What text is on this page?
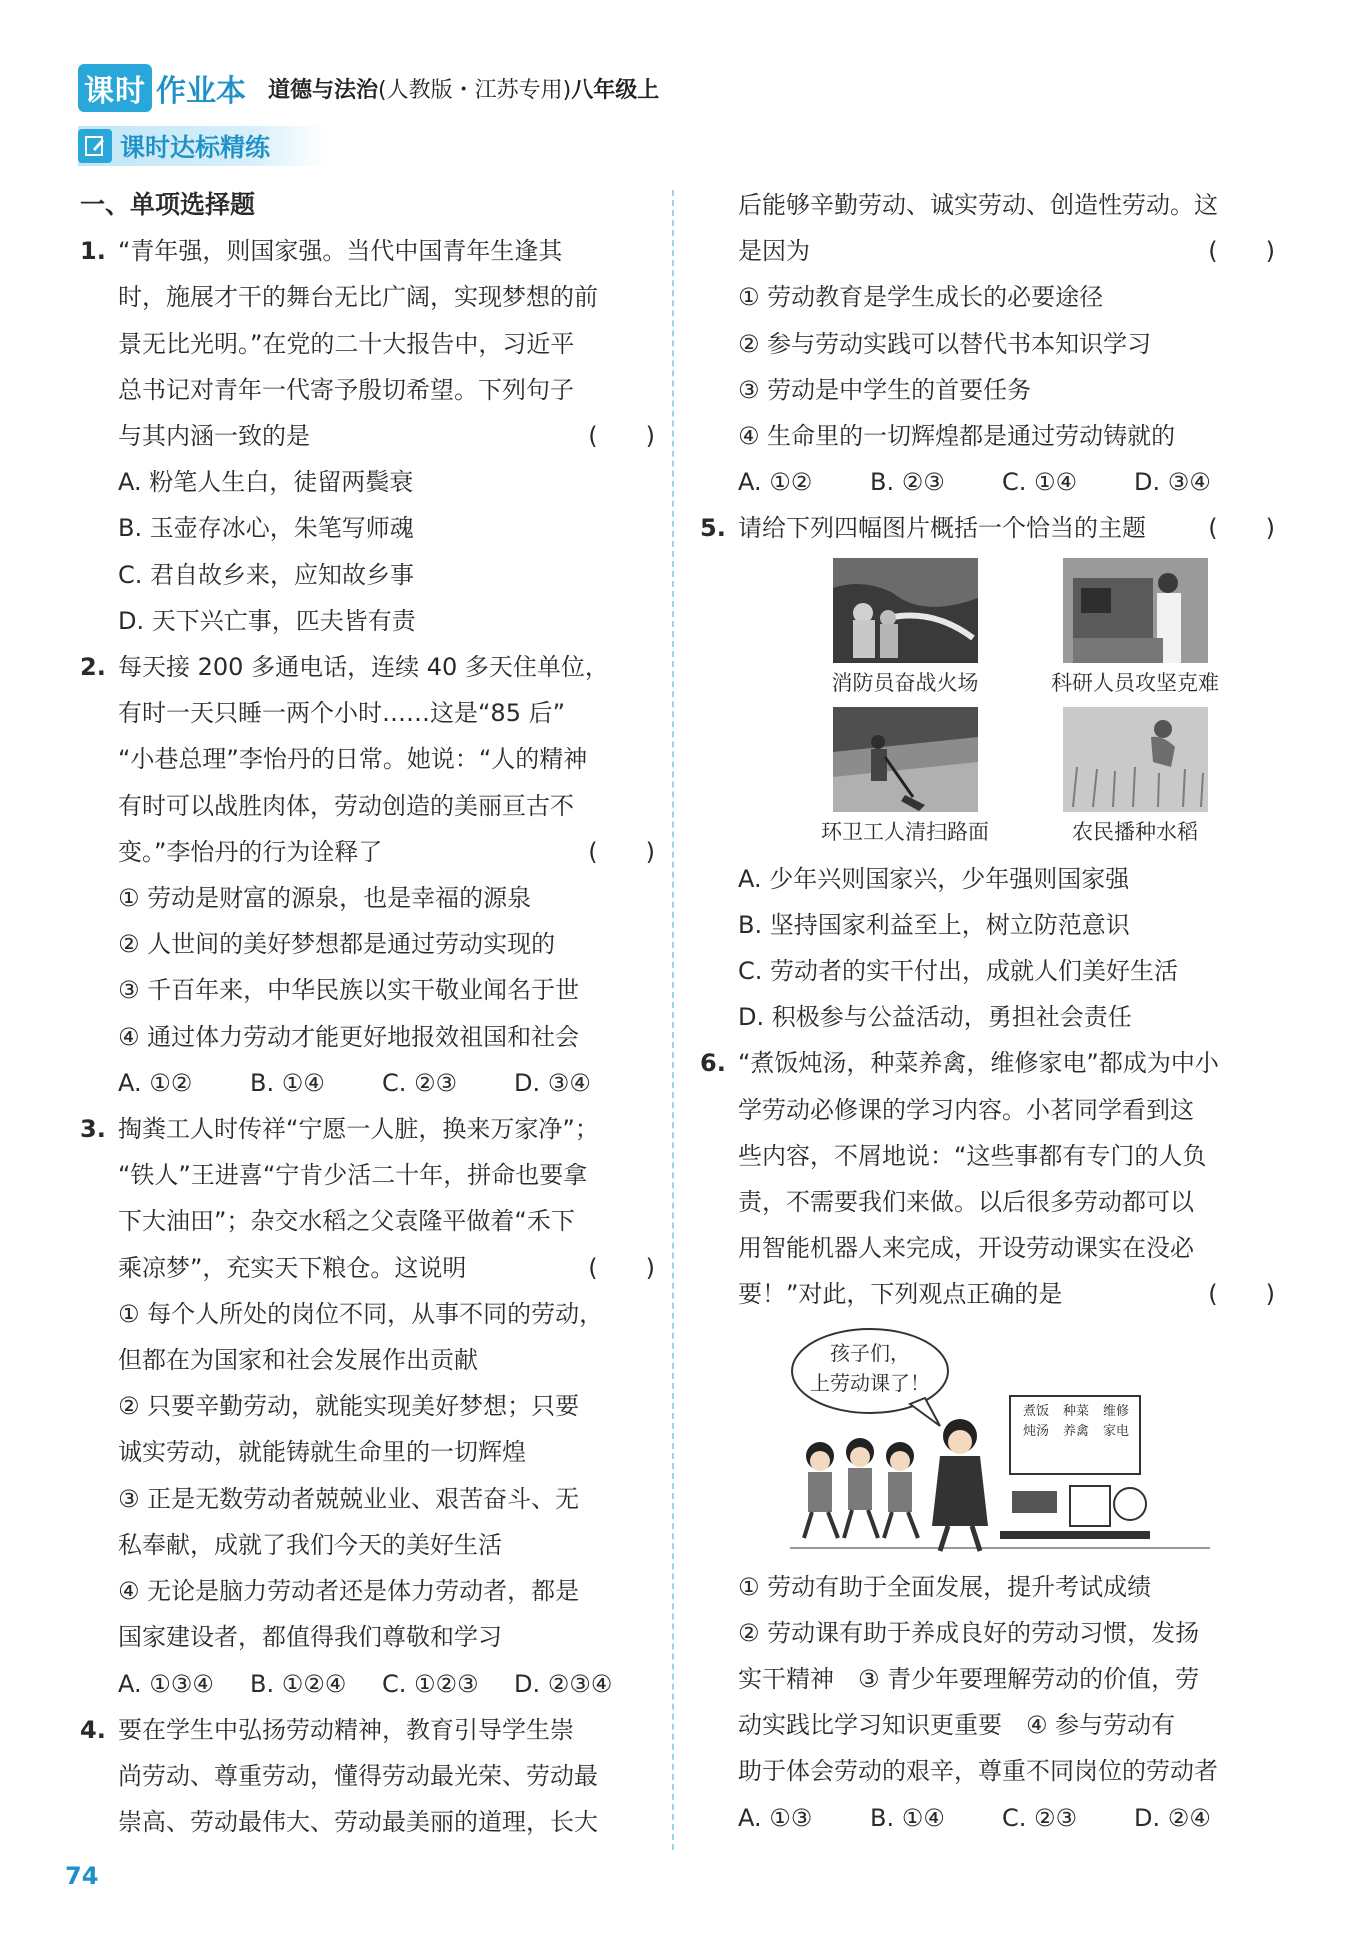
课时 作业本 道德与法治(人教版・江苏专用)八年级上
课时达标精练
一、单项选择题
1. “青年强，则国家强。当代中国青年生逢其
时，施展才干的舞台无比广阔，实现梦想的前
景无比光明。”在党的二十大报告中，习近平
总书记对青年一代寄予殷切希望。下列句子
与其内涵一致的是	(　　)
A. 粉笔人生白，徒留两鬓衰
B. 玉壶存冰心，朱笔写师魂
C. 君自故乡来，应知故乡事
D. 天下兴亡事，匹夫皆有责
2. 每天接 200 多通电话，连续 40 多天住单位，
有时一天只睡一两个小时……这是“85 后”
“小巷总理”李怡丹的日常。她说：“人的精神
有时可以战胜肉体，劳动创造的美丽亘古不
变。”李怡丹的行为诠释了	(　　)
① 劳动是财富的源泉，也是幸福的源泉
② 人世间的美好梦想都是通过劳动实现的
③ 千百年来，中华民族以实干敬业闻名于世
④ 通过体力劳动才能更好地报效祖国和社会
A. ①②	B. ①④	C. ②③	D. ③④
3. 掏粪工人时传祥“宁愿一人脏，换来万家净”；
“铁人”王进喜“宁肯少活二十年，拼命也要拿
下大油田”；杂交水稻之父袁隆平做着“禾下
乘凉梦”，充实天下粮仓。这说明	(　　)
① 每个人所处的岗位不同，从事不同的劳动，
但都在为国家和社会发展作出贡献
② 只要辛勤劳动，就能实现美好梦想；只要
诚实劳动，就能铸就生命里的一切辉煌
③ 正是无数劳动者兢兢业业、艰苦奋斗、无
私奉献，成就了我们今天的美好生活
④ 无论是脑力劳动者还是体力劳动者，都是
国家建设者，都值得我们尊敬和学习
A. ①③④	B. ①②④	C. ①②③	D. ②③④
4. 要在学生中弘扬劳动精神，教育引导学生崇
尚劳动、尊重劳动，懂得劳动最光荣、劳动最
崇高、劳动最伟大、劳动最美丽的道理，长大
后能够辛勤劳动、诚实劳动、创造性劳动。这
是因为	(　　)
① 劳动教育是学生成长的必要途径
② 参与劳动实践可以替代书本知识学习
③ 劳动是中学生的首要任务
④ 生命里的一切辉煌都是通过劳动铸就的
A. ①②	B. ②③	C. ①④	D. ③④
5. 请给下列四幅图片概括一个恰当的主题	(　　)
消防员奋战火场	科研人员攻坚克难
环卫工人清扫路面	农民播种水稻
A. 少年兴则国家兴，少年强则国家强
B. 坚持国家利益至上，树立防范意识
C. 劳动者的实干付出，成就人们美好生活
D. 积极参与公益活动，勇担社会责任
6. “煮饭炖汤，种菜养禽，维修家电”都成为中小
学劳动必修课的学习内容。小茗同学看到这
些内容，不屑地说：“这些事都有专门的人负
责，不需要我们来做。以后很多劳动都可以
用智能机器人来完成，开设劳动课实在没必
要！”对此，下列观点正确的是	(　　)
孩子们，
上劳动课了！
煮饭	种菜	维修
炖汤	养禽	家电
① 劳动有助于全面发展，提升考试成绩
② 劳动课有助于养成良好的劳动习惯，发扬
实干精神　③ 青少年要理解劳动的价值，劳
动实践比学习知识更重要　④ 参与劳动有
助于体会劳动的艰辛，尊重不同岗位的劳动者
A. ①③	B. ①④	C. ②③	D. ②④
74
